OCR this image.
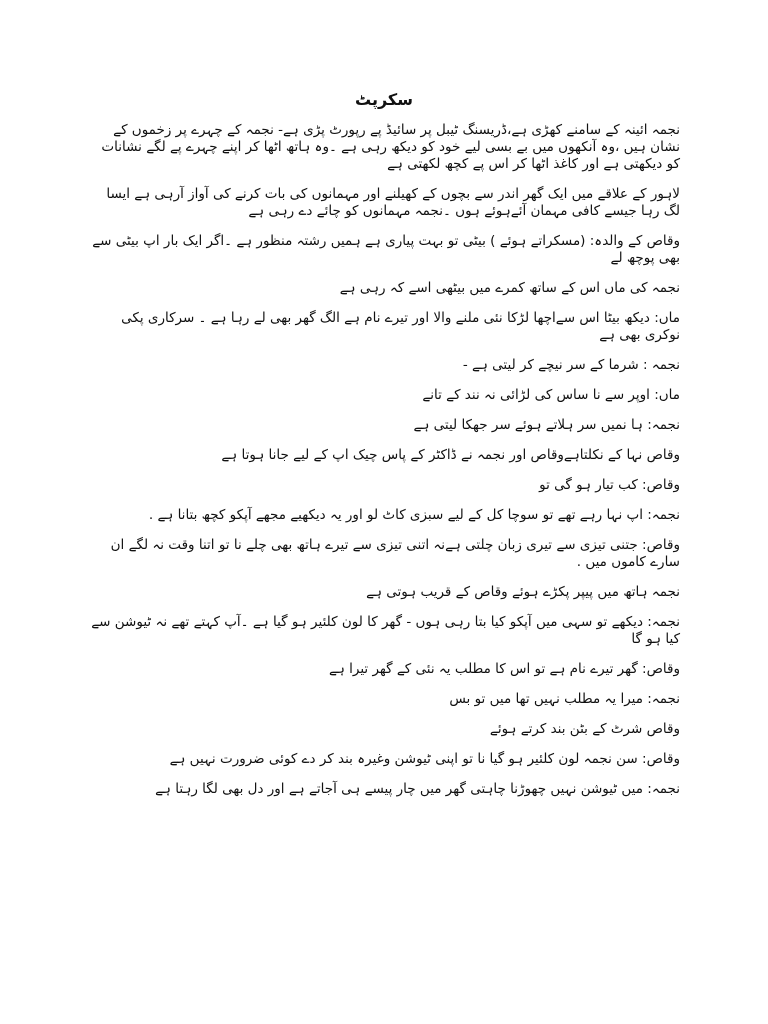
سکرپٹ
نجمہ ائینہ کے سامنے کھڑی ہے،ڈریسنگ ٹیبل پر سائیڈ پے رپورٹ پڑی ہے- نجمہ کے چہرے پر زخموں کے نشان ہیں ،وہ آنکھوں میں بے بسی لیے خود کو دیکھ رہی ہے ۔وہ ہاتھ اٹھا کر اپنے چہرے پے لگے نشانات کو دیکھتی ہے اور کاغذ اٹھا کر اس پے کچھ لکھتی ہے
لاہور کے علاقے میں ایک گھر اندر سے بچوں کے کھیلنے اور مہمانوں کی بات کرنے کی آواز آرہی ہے ایسا لگ رہا جیسے کافی مہمان آئےہوئے ہوں ۔نجمہ مہمانوں کو چائے دے رہی ہے
وقاص کے والدہ: (مسکراتے ہوئے ) بیٹی تو بہت پیاری ہے ہمیں رشتہ منظور ہے ۔اگر ایک بار اپ بیٹی سے بھی پوچھ لے
نجمہ کی ماں اس کے ساتھ کمرے میں بیٹھی اسے کہ رہی ہے
ماں: دیکھ بیٹا اس سےاچھا لڑکا نئی ملنے والا اور تیرے نام ہے الگ گھر بھی لے رہا ہے ۔ سرکاری پکی نوکری بھی ہے
نجمہ : شرما کے سر نیچے کر لیتی ہے -
ماں: اوپر سے نا ساس کی لڑائی نہ نند کے تانے
نجمہ: ہا نمیں سر ہلاتے ہوئے سر جھکا لیتی ہے
وقاص نہا کے نکلتاہےوقاص اور نجمہ نے ڈاکٹر کے پاس چیک اپ کے لیے جانا ہوتا ہے
وقاص: کب تیار ہو گی تو
نجمہ: اپ نہا رہے تھے تو سوچا کل کے لیے سبزی کاٹ لو اور یہ دیکھیے مجھے آپکو کچھ بتانا ہے .
وقاص: جتنی تیزی سے تیری زبان چلتی ہےنہ اتنی تیزی سے تیرے ہاتھ بھی چلے نا تو اتنا وقت نہ لگے ان سارے کاموں میں .
نجمہ ہاتھ میں پیپر پکڑے ہوئے وقاص کے قریب ہوتی ہے
نجمہ: دیکھے تو سہی میں آپکو کیا بتا رہی ہوں - گھر کا لون کلئیر ہو گیا ہے ۔آپ کہتے تھے نہ ٹیوشن سے کیا ہو گا
وقاص: گھر تیرے نام ہے تو اس کا مطلب یہ نئی کے گھر تیرا ہے
نجمہ: میرا یہ مطلب نہیں تھا میں تو بس
وقاص شرٹ کے بٹن بند کرتے ہوئے
وقاص: سن نجمہ لون کلئیر ہو گیا نا تو اپنی ٹیوشن وغیرہ بند کر دے کوئی ضرورت نہیں ہے
نجمہ: میں ٹیوشن نہیں چھوڑنا چاہتی گھر میں چار پیسے ہی آجاتے ہے اور دل بھی لگا رہتا ہے
